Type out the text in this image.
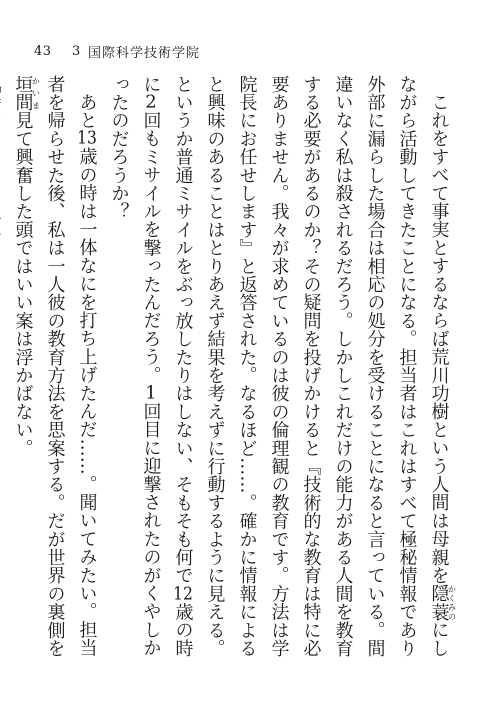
43	3 国際科学技術学院

これをすべて事実とするならば荒川功樹という人間は母親を隠かく蓑みのにしながら活動してきたことになる。担当者はこれはすべて極秘情報であり外部に漏らした場合は相応の処分を受けることになると言っている。間違いなく私は殺されるだろう。しかしこれだけの能力がある人間を教育する必要があるのか？その疑問を投げかけると『技術的な教育は特に必要ありません。我々が求めているのは彼の倫理観の教育です。方法は学院長にお任せします』と返答された。なるほど……。確かに情報によると興味のあることはとりあえず結果を考えずに行動するように見える。というか普通ミサイルをぶっ放したりはしない、そもそも何で12歳の時に2回もミサイルを撃ったんだろう。1回目に迎撃されたのがくやしかったのだろうか？

あと13歳の時は一体なにを打ち上げたんだ……。聞いてみたい。担当者を帰らせた後、私は一人彼の教育方法を思案する。だが世界の裏側を垣間かいま見て興奮した頭ではいい案は浮かばない。
